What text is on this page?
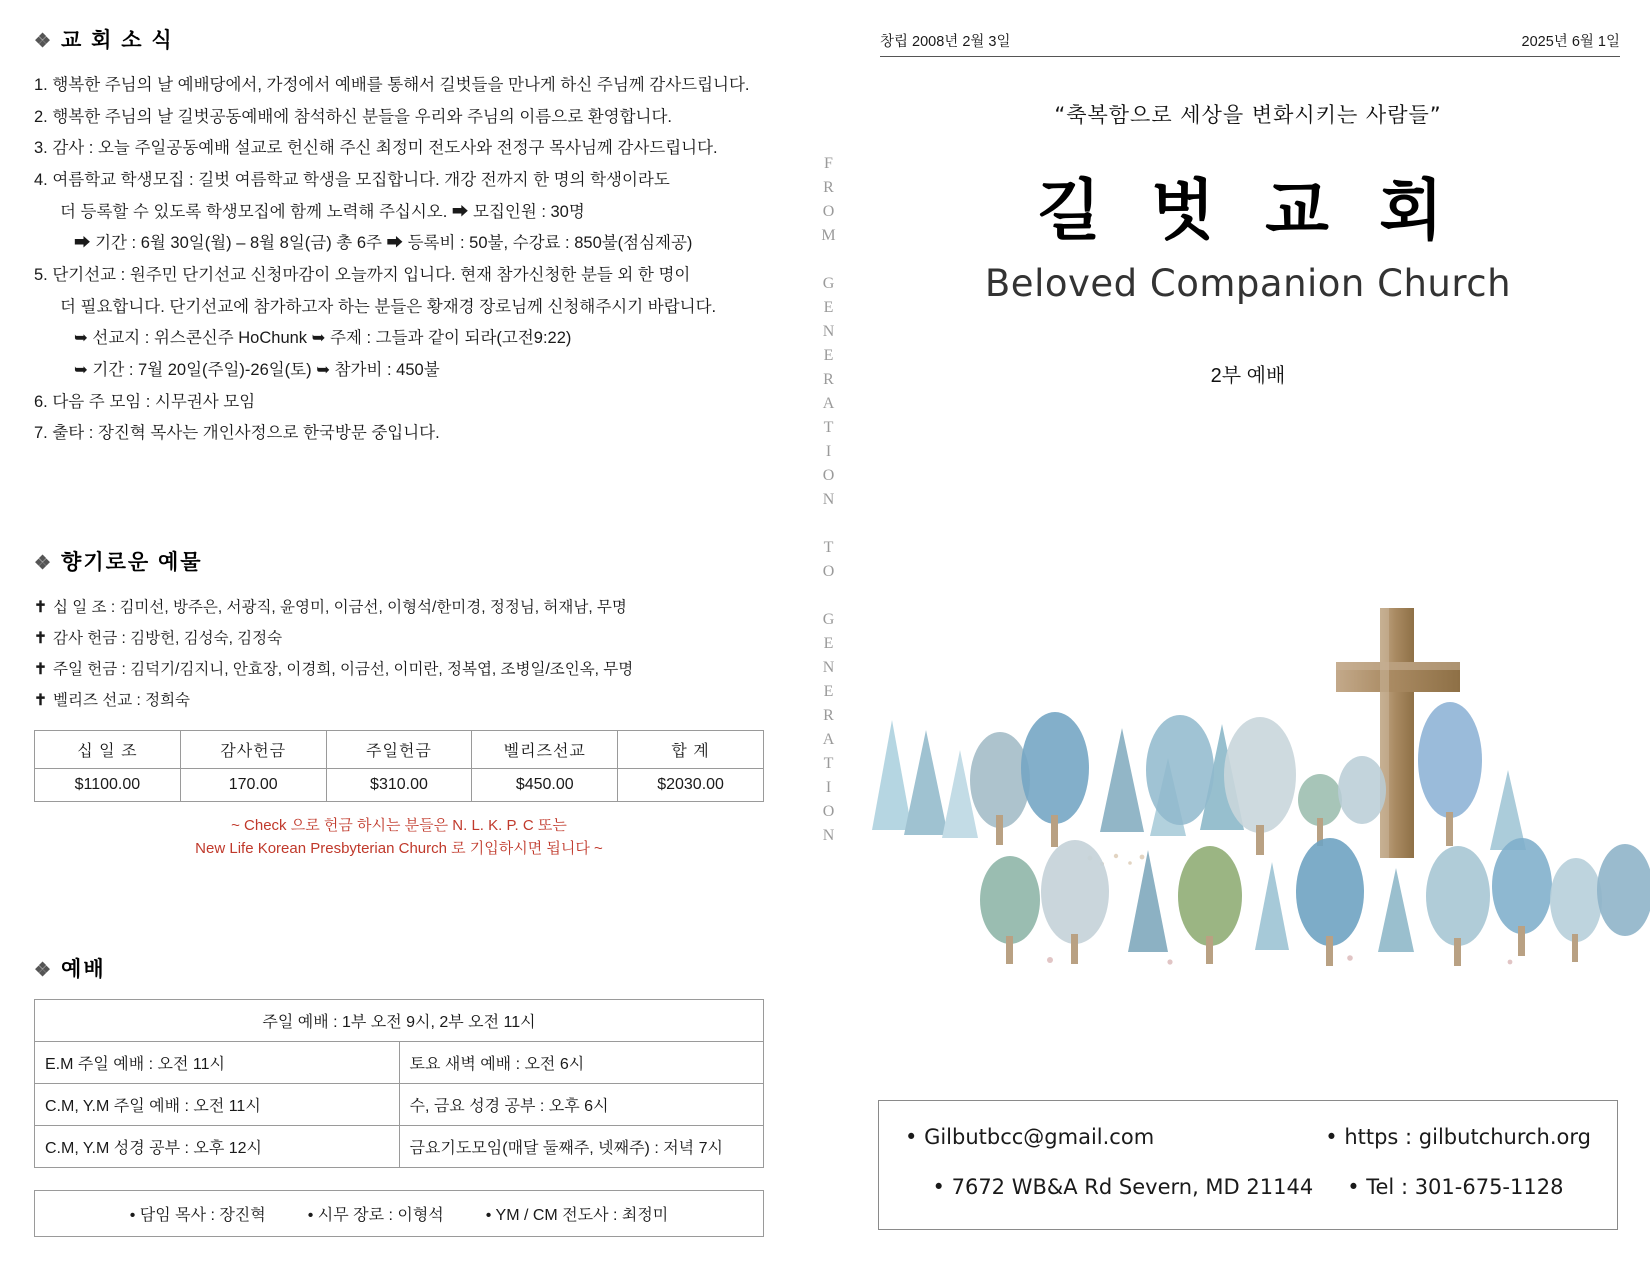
❖ 교 회 소 식
1. 행복한 주님의 날 예배당에서, 가정에서 예배를 통해서 길벗들을 만나게 하신 주님께 감사드립니다.
2. 행복한 주님의 날 길벗공동예배에 참석하신 분들을 우리와 주님의 이름으로 환영합니다.
3. 감사 : 오늘 주일공동예배 설교로 헌신해 주신 최정미 전도사와 전정구 목사님께 감사드립니다.
4. 여름학교 학생모집 : 길벗 여름학교 학생을 모집합니다. 개강 전까지 한 명의 학생이라도
더 등록할 수 있도록 학생모집에 함께 노력해 주십시오. ➡ 모집인원 : 30명
➡ 기간 : 6월 30일(월) – 8월 8일(금) 총 6주 ➡ 등록비 : 50불, 수강료 : 850불(점심제공)
5. 단기선교 : 원주민 단기선교 신청마감이 오늘까지 입니다. 현재 참가신청한 분들 외 한 명이
더 필요합니다. 단기선교에 참가하고자 하는 분들은 황재경 장로님께 신청해주시기 바랍니다.
➥ 선교지 : 위스콘신주 HoChunk ➥ 주제 : 그들과 같이 되라(고전9:22)
➥ 기간 : 7월 20일(주일)-26일(토) ➥ 참가비 : 450불
6. 다음 주 모임 : 시무권사 모임
7. 출타 : 장진혁 목사는 개인사정으로 한국방문 중입니다.
❖ 향기로운 예물
✝ 십 일 조 : 김미선, 방주은, 서광직, 윤영미, 이금선, 이형석/한미경, 정정님, 허재남, 무명
✝ 감사 헌금 : 김방헌, 김성숙, 김정숙
✝ 주일 헌금 : 김덕기/김지니, 안효장, 이경희, 이금선, 이미란, 정복엽, 조병일/조인옥, 무명
✝ 벨리즈 선교 : 정희숙
십 일 조	감사헌금	주일헌금	벨리즈선교	합 계
$1100.00	170.00	$310.00	$450.00	$2030.00
~ Check 으로 헌금 하시는 분들은 N. L. K. P. C 또는
New Life Korean Presbyterian Church 로 기입하시면 됩니다 ~
❖ 예배
주일 예배 : 1부 오전 9시, 2부 오전 11시	
E.M 주일 예배 : 오전 11시	토요 새벽 예배 : 오전 6시
C.M, Y.M 주일 예배 : 오전 11시	수, 금요 성경 공부 : 오후 6시
C.M, Y.M 성경 공부 : 오후 12시	금요기도모임(매달 둘째주, 넷째주) : 저녁 7시
• 담임 목사 : 장진혁	• 시무 장로 : 이형석	• YM / CM 전도사 : 최정미
FROM GENERATION TO GENERATION
창립 2008년 2월 3일	2025년 6월 1일
“축복함으로 세상을 변화시키는 사람들”
길 벗 교 회
Beloved Companion Church
2부 예배
• Gilbutbcc@gmail.com	• https : gilbutchurch.org
• 7672 WB&A Rd Severn, MD 21144	• Tel : 301-675-1128
